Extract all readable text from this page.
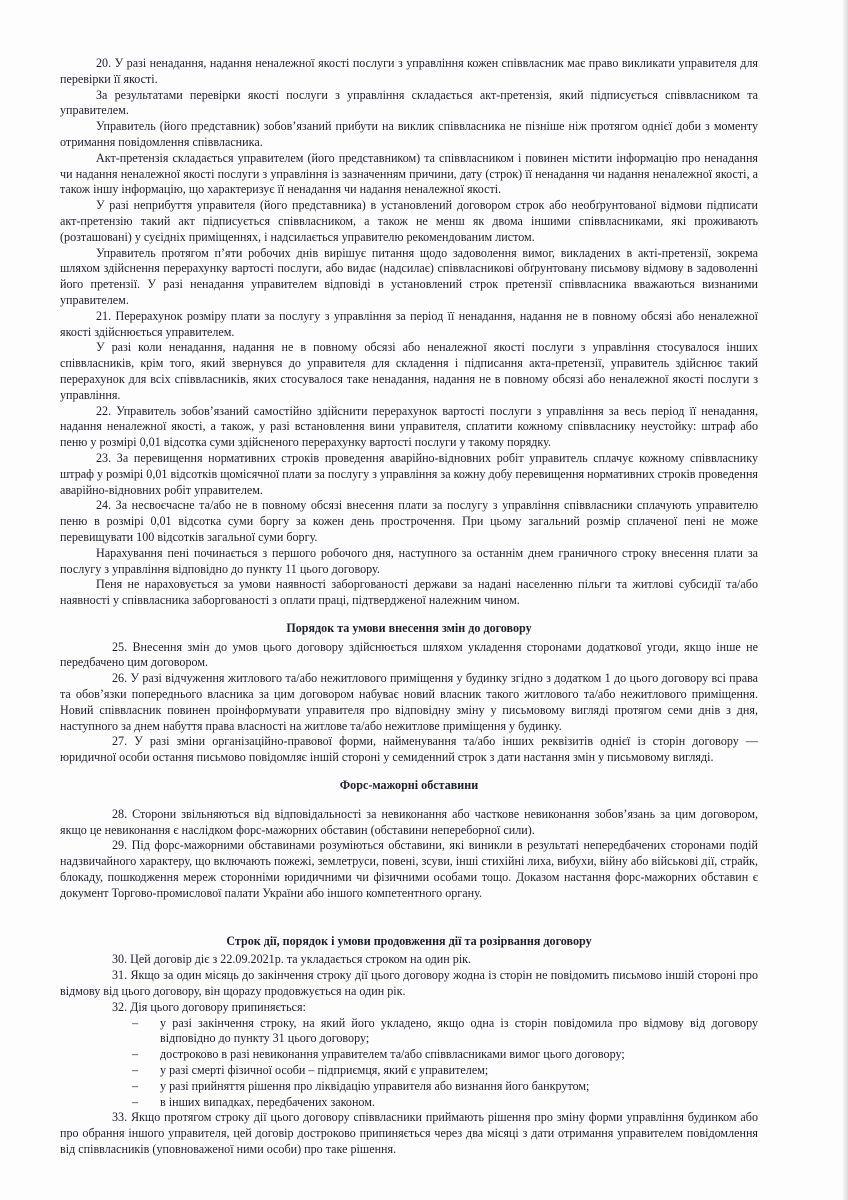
20. У разі ненадання, надання неналежної якості послуги з управління кожен співвласник має право викликати управителя для перевірки її якості.

За результатами перевірки якості послуги з управління складається акт-претензія, який підписується співвласником та управителем.

Управитель (його представник) зобов’язаний прибути на виклик співвласника не пізніше ніж протягом однієї доби з моменту отримання повідомлення співвласника.

Акт-претензія складається управителем (його представником) та співвласником і повинен містити інформацію про ненадання чи надання неналежної якості послуги з управління із зазначенням причини, дату (строк) її ненадання чи надання неналежної якості, а також іншу інформацію, що характеризує її ненадання чи надання неналежної якості.

У разі неприбуття управителя (його представника) в установлений договором строк або необґрунтованої відмови підписати акт-претензію такий акт підписується співвласником, а також не менш як двома іншими співвласниками, які проживають (розташовані) у суєідніх приміщеннях, і надсилається управителю рекомендованим листом.

Управитель протягом п’яти робочих днів вирішує питання щодо задоволення вимог, викладених в акті-претензії, зокрема шляхом здійснення перерахунку вартості послуги, або видає (надсилає) співвласникові обґрунтовану письмову відмову в задоволенні його претензії. У разі ненадання управителем відповіді в установлений строк претензії співвласника вважаються визнаними управителем.

21. Перерахунок розміру плати за послугу з управління за період її ненадання, надання не в повному обсязі або неналежної якості здійснюється управителем.

У разі коли ненадання, надання не в повному обсязі або неналежної якості послуги з управління стосувалося інших співвласників, крім того, який звернувся до управителя для складення і підписання акта-претензії, управитель здійснює такий перерахунок для всіх співвласників, яких стосувалося таке ненадання, надання не в повному обсязі або неналежної якості послуги з управління.

22. Управитель зобов’язаний самостійно здійснити перерахунок вартості послуги з управління за весь період її ненадання, надання неналежної якості, а також, у разі встановлення вини управителя, сплатити кожному співвласнику неустойку: штраф або пеню у розмірі 0,01 відсотка суми здійсненого перерахунку вартості послуги у такому порядку.

23. За перевищення нормативних строків проведення аварійно-відновних робіт управитель сплачує кожному співвласнику штраф у розмірі 0,01 відсотків щомісячної плати за послугу з управління за кожну добу перевищення нормативних строків проведення аварійно-відновних робіт управителем.

24. За несвоєчасне та/або не в повному обсязі внесення плати за послугу з управління співвласники сплачують управителю пеню в розмірі 0,01 відсотка суми боргу за кожен день прострочення. При цьому загальний розмір сплаченої пені не може перевищувати 100 відсотків загальної суми боргу.

Нарахування пені починається з першого робочого дня, наступного за останнім днем граничного строку внесення плати за послугу з управління відповідно до пункту 11 цього договору.

Пеня не нараховується за умови наявності заборгованості держави за надані населенню пільги та житлові субсидії та/або наявності у співвласника заборгованості з оплати праці, підтвердженої належним чином.

Порядок та умови внесення змін до договору

25. Внесення змін до умов цього договору здійснюється шляхом укладення сторонами додаткової угоди, якщо інше не передбачено цим договором.

26. У разі відчуження житлового та/або нежитлового приміщення у будинку згідно з додатком 1 до цього договору всі права та обов’язки попереднього власника за цим договором набуває новий власник такого житлового та/або нежитлового приміщення. Новий співвласник повинен проінформувати управителя про відповідну зміну у письмовому вигляді протягом семи днів з дня, наступного за днем набуття права власності на житлове та/або нежитлове приміщення у будинку.

27. У разі зміни організаційно-правової форми, найменування та/або інших реквізитів однієї із сторін договору — юридичної особи остання письмово повідомляє іншій стороні у семиденний строк з дати настання змін у письмовому вигляді.

Форс-мажорні обставини

28. Сторони звільняються від відповідальності за невиконання або часткове невиконання зобов’язань за цим договором, якщо це невиконання є наслідком форс-мажорних обставин (обставини непереборної сили).

29. Під форс-мажорними обставинами розуміються обставини, які виникли в результаті непередбачених сторонами подій надзвичайного характеру, що включають пожежі, землетруси, повені, зсуви, інші стихійні лиха, вибухи, війну або військові дії, страйк, блокаду, пошкодження мереж сторонніми юридичними чи фізичними особами тощо. Доказом настання форс-мажорних обставин є документ Торгово-промислової палати України або іншого компетентного органу.

Строк дії, порядок і умови продовження дії та розірвання договору

30. Цей договір діє з 22.09.2021р. та укладається строком на один рік.

31. Якщо за один місяць до закінчення строку дії цього договору жодна із сторін не повідомить письмово іншій стороні про відмову від цього договору, він щорazу продовжується на один рік.

32. Дія цього договору припиняється:

– у разі закінчення строку, на який його укладено, якщо одна із сторін повідомила про відмову від договору відповідно до пункту 31 цього договору;
– достроково в разі невиконання управителем та/або співвласниками вимог цього договору;
– у разі смерті фізичної особи – підприємця, який є управителем;
– у разі прийняття рішення про ліквідацію управителя або визнання його банкрутом;
– в інших випадках, передбачених законом.

33. Якщо протягом строку дії цього договору співвласники приймають рішення про зміну форми управління будинком або про обрання іншого управителя, цей договір достроково припиняється через два місяці з дати отримання управителем повідомлення від співвласників (уповноваженої ними особи) про таке рішення.
